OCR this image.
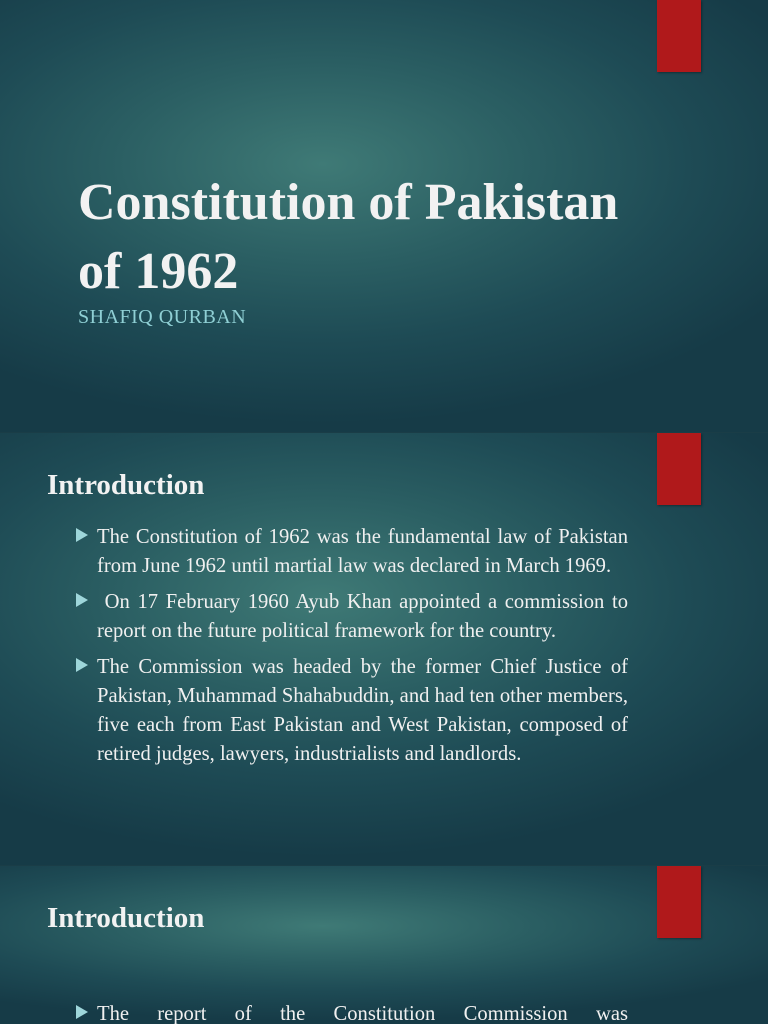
Constitution of Pakistan of 1962

SHAFIQ QURBAN

Introduction
The Constitution of 1962 was the fundamental law of Pakistan from June 1962 until martial law was declared in March 1969.
On 17 February 1960 Ayub Khan appointed a commission to report on the future political framework for the country.
The Commission was headed by the former Chief Justice of Pakistan, Muhammad Shahabuddin, and had ten other members, five each from East Pakistan and West Pakistan, composed of retired judges, lawyers, industrialists and landlords.
Introduction
The report of the Constitution Commission was
